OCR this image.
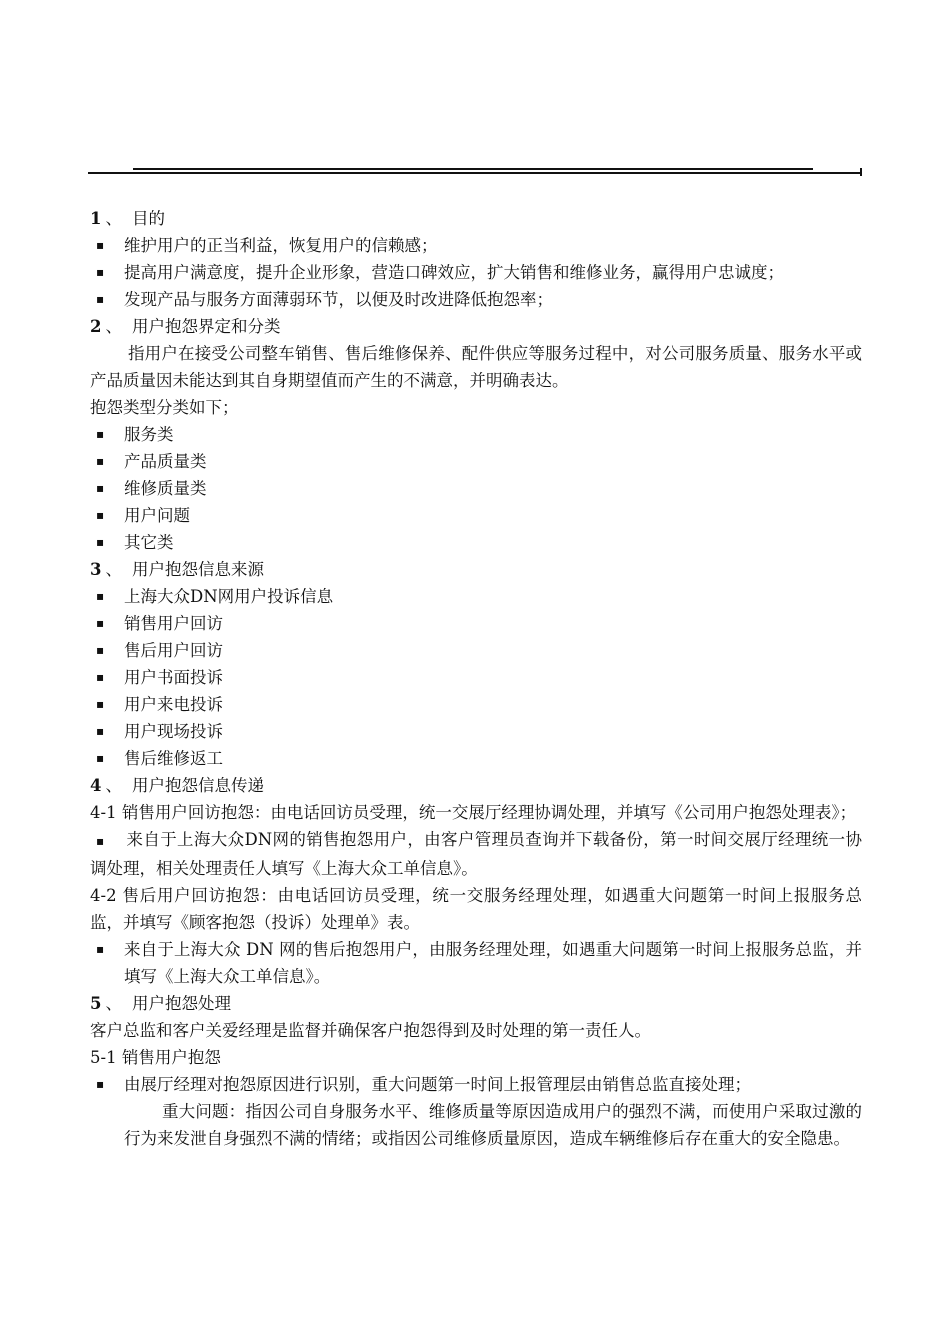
1 、 目的
▪ 维护用户的正当利益，恢复用户的信赖感；
▪ 提高用户满意度，提升企业形象，营造口碑效应，扩大销售和维修业务，赢得用户忠诚度；
▪ 发现产品与服务方面薄弱环节，以便及时改进降低抱怨率；
2 、 用户抱怨界定和分类
指用户在接受公司整车销售、售后维修保养、配件供应等服务过程中，对公司服务质量、服务水平或产品质量因未能达到其自身期望值而产生的不满意，并明确表达。
抱怨类型分类如下；
▪ 服务类
▪ 产品质量类
▪ 维修质量类
▪ 用户问题
▪ 其它类
3 、 用户抱怨信息来源
▪ 上海大众DN网用户投诉信息
▪ 销售用户回访
▪ 售后用户回访
▪ 用户书面投诉
▪ 用户来电投诉
▪ 用户现场投诉
▪ 售后维修返工
4 、 用户抱怨信息传递
4-1 销售用户回访抱怨：由电话回访员受理，统一交展厅经理协调处理，并填写《公司用户抱怨处理表》；
▪ 来自于上海大众DN网的销售抱怨用户，由客户管理员查询并下载备份，第一时间交展厅经理统一协调处理，相关处理责任人填写《上海大众工单信息》。
4-2 售后用户回访抱怨：由电话回访员受理，统一交服务经理处理，如遇重大问题第一时间上报服务总监，并填写《顾客抱怨（投诉）处理单》表。
▪ 来自于上海大众 DN 网的售后抱怨用户，由服务经理处理，如遇重大问题第一时间上报服务总监，并填写《上海大众工单信息》。
5 、 用户抱怨处理
客户总监和客户关爱经理是监督并确保客户抱怨得到及时处理的第一责任人。
5-1 销售用户抱怨
▪ 由展厅经理对抱怨原因进行识别，重大问题第一时间上报管理层由销售总监直接处理；
重大问题：指因公司自身服务水平、维修质量等原因造成用户的强烈不满，而使用户采取过激的行为来发泄自身强烈不满的情绪；或指因公司维修质量原因，造成车辆维修后存在重大的安全隐患。
